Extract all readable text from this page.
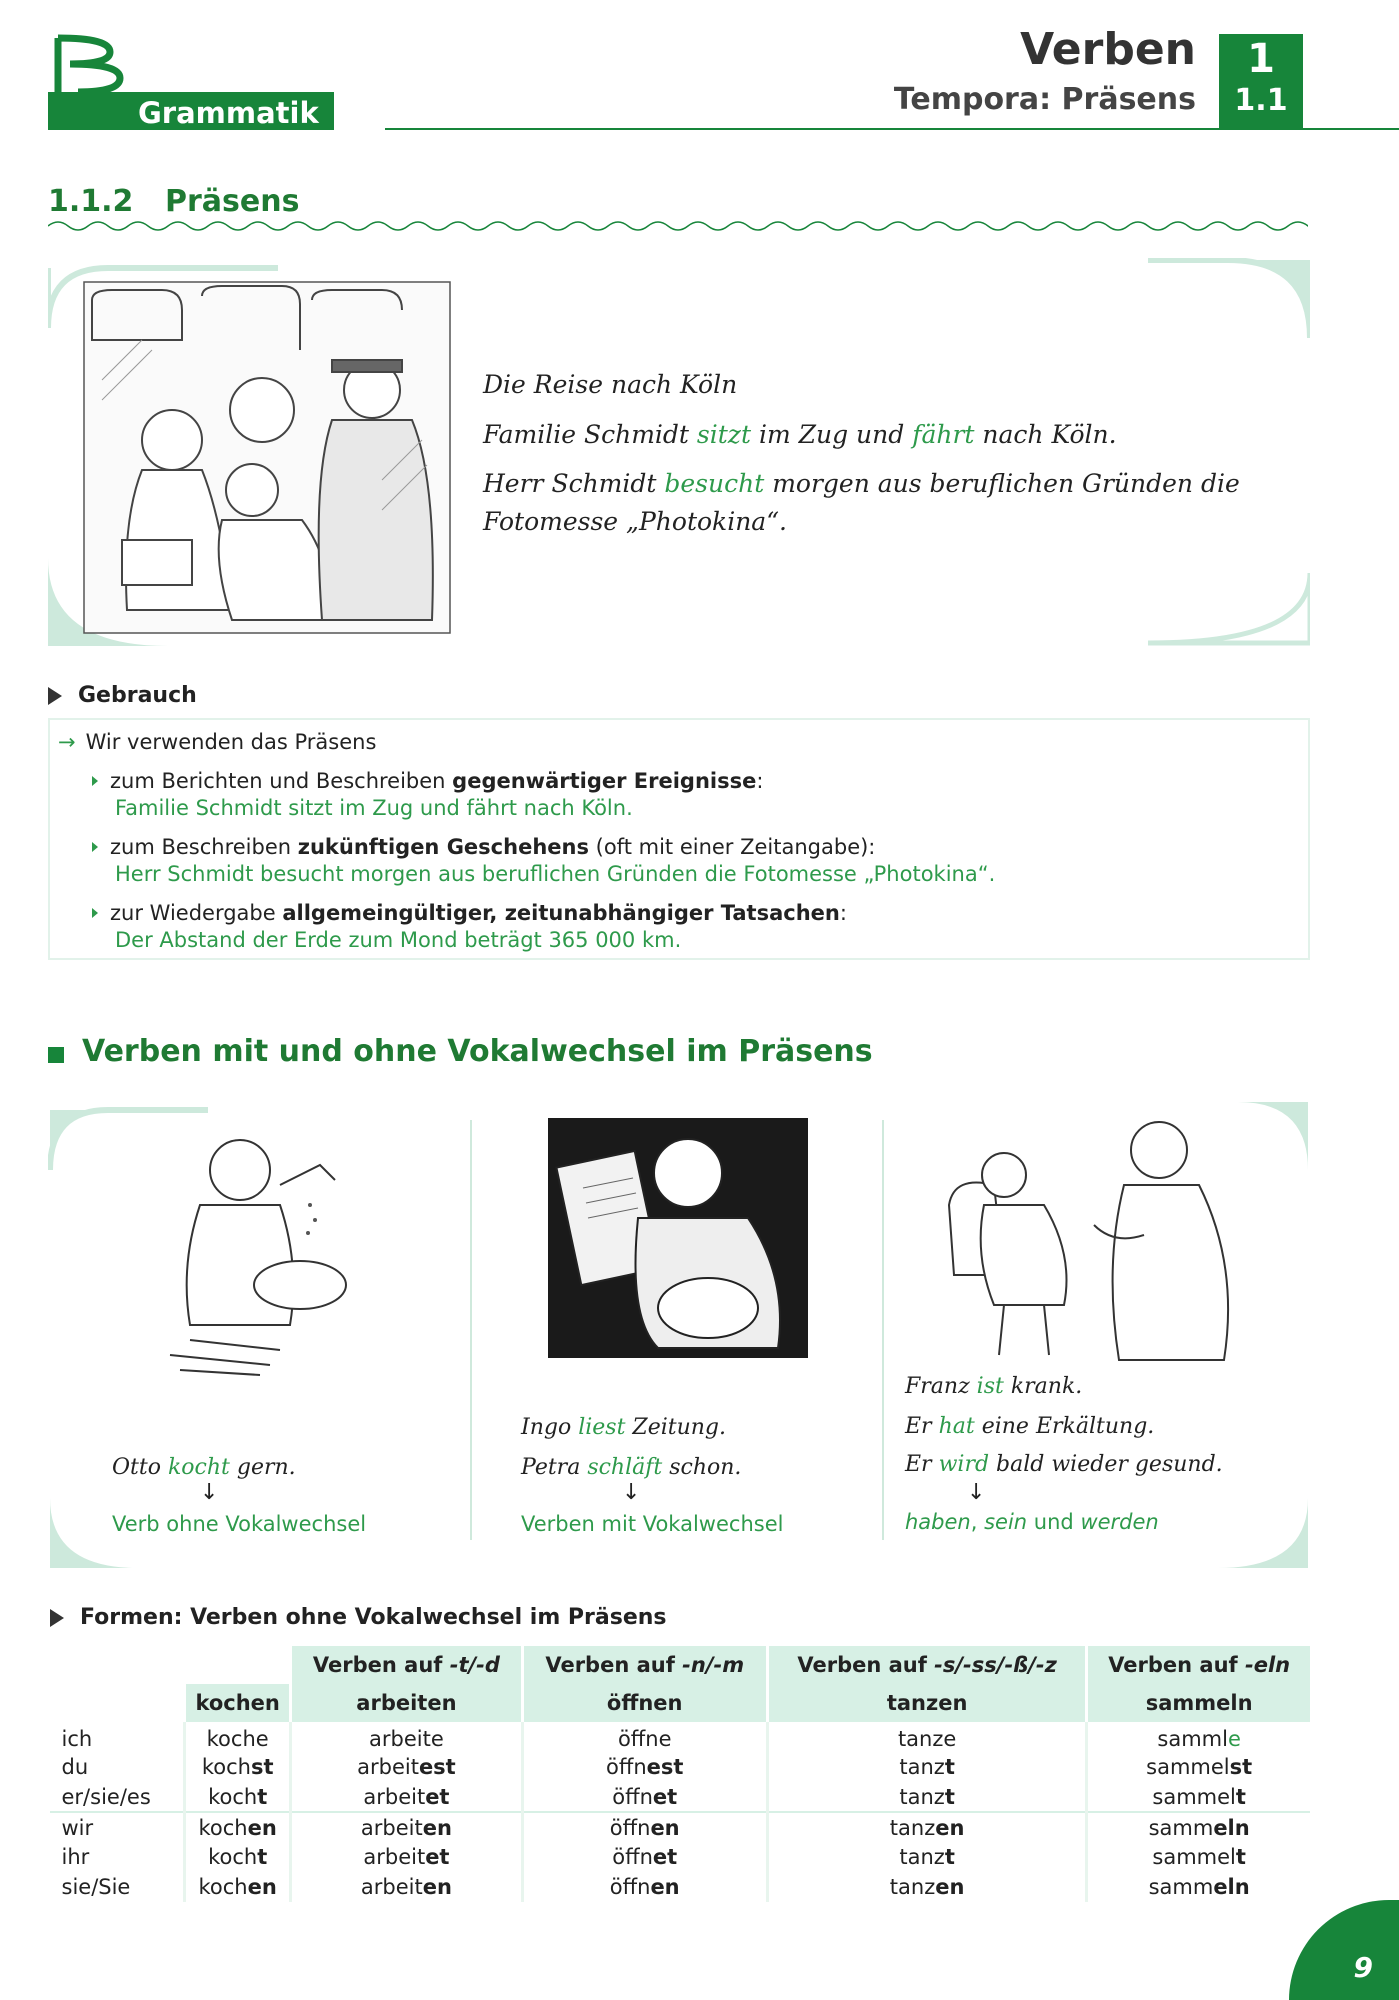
Grammatik
Verben
Tempora: Präsens
1
1.1
1.1.2 Präsens

Die Reise nach Köln

Familie Schmidt sitzt im Zug und fährt nach Köln.

Herr Schmidt besucht morgen aus beruflichen Gründen die Fotomesse „Photokina“.

Gebrauch
→ Wir verwenden das Präsens
zum Berichten und Beschreiben gegenwärtiger Ereignisse:
Familie Schmidt sitzt im Zug und fährt nach Köln.
zum Beschreiben zukünftigen Geschehens (oft mit einer Zeitangabe):
Herr Schmidt besucht morgen aus beruflichen Gründen die Fotomesse „Photokina“.
zur Wiedergabe allgemeingültiger, zeitunabhängiger Tatsachen:
Der Abstand der Erde zum Mond beträgt 365 000 km.
Verben mit und ohne Vokalwechsel im Präsens
Otto kocht gern.
↓
Verb ohne Vokalwechsel
Ingo liest Zeitung.
Petra schläft schon.
↓
Verben mit Vokalwechsel
Franz ist krank.
Er hat eine Erkältung.
Er wird bald wieder gesund.
↓
haben, sein und werden
Formen: Verben ohne Vokalwechsel im Präsens
		Verben auf -t/-d	Verben auf -n/-m	Verben auf -s/-ss/-ß/-z	Verben auf -eln
	kochen	arbeiten	öffnen	tanzen	sammeln
ich	koche	arbeite	öffne	tanze	sammle
du	kochst	arbeitest	öffnest	tanzt	sammelst
er/sie/es	kocht	arbeitet	öffnet	tanzt	sammelt
wir	kochen	arbeiten	öffnen	tanzen	sammeln
ihr	kocht	arbeitet	öffnet	tanzt	sammelt
sie/Sie	kochen	arbeiten	öffnen	tanzen	sammeln
9
